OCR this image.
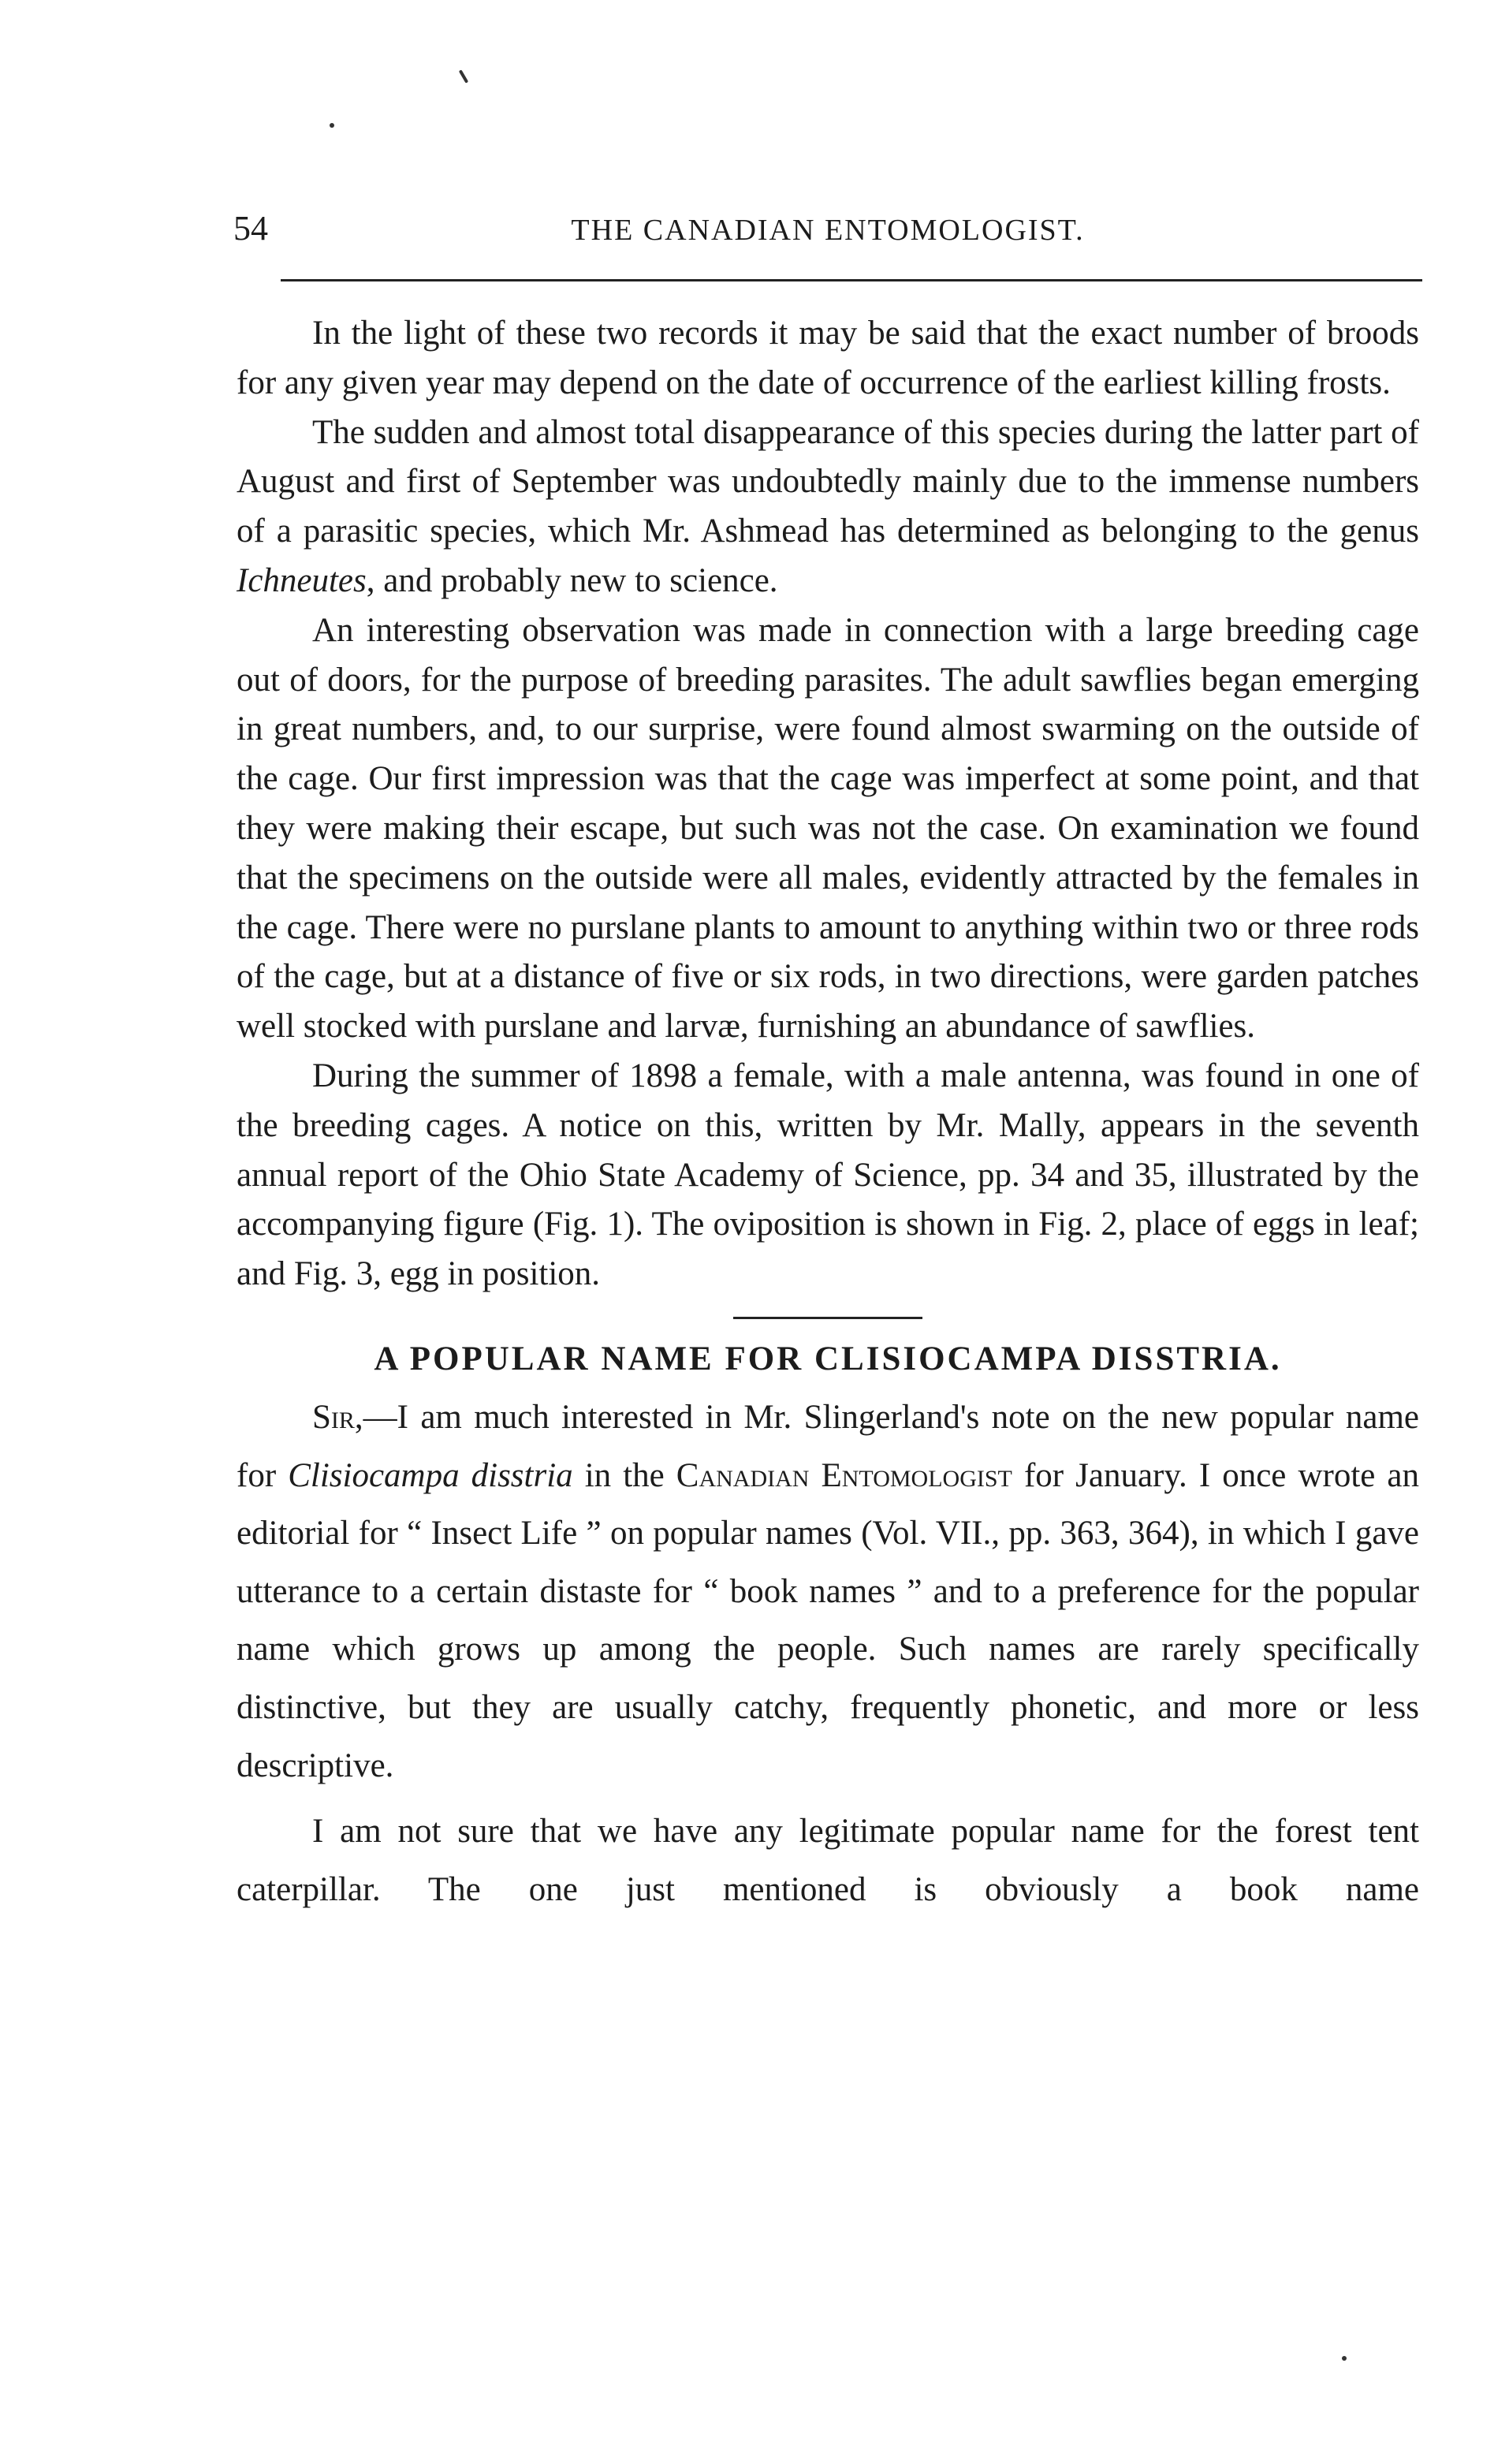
54	THE CANADIAN ENTOMOLOGIST.

In the light of these two records it may be said that the exact number of broods for any given year may depend on the date of occurrence of the earliest killing frosts.

The sudden and almost total disappearance of this species during the latter part of August and first of September was undoubtedly mainly due to the immense numbers of a parasitic species, which Mr. Ashmead has determined as belonging to the genus Ichneutes, and probably new to science.

An interesting observation was made in connection with a large breeding cage out of doors, for the purpose of breeding parasites. The adult sawflies began emerging in great numbers, and, to our surprise, were found almost swarming on the outside of the cage. Our first impression was that the cage was imperfect at some point, and that they were making their escape, but such was not the case. On examination we found that the specimens on the outside were all males, evidently attracted by the females in the cage. There were no purslane plants to amount to anything within two or three rods of the cage, but at a distance of five or six rods, in two directions, were garden patches well stocked with purslane and larvæ, furnishing an abundance of sawflies.

During the summer of 1898 a female, with a male antenna, was found in one of the breeding cages. A notice on this, written by Mr. Mally, appears in the seventh annual report of the Ohio State Academy of Science, pp. 34 and 35, illustrated by the accompanying figure (Fig. 1). The oviposition is shown in Fig. 2, place of eggs in leaf; and Fig. 3, egg in position.

A POPULAR NAME FOR CLISIOCAMPA DISSTRIA.

Sir,—I am much interested in Mr. Slingerland's note on the new popular name for Clisiocampa disstria in the Canadian Entomologist for January. I once wrote an editorial for “ Insect Life ” on popular names (Vol. VII., pp. 363, 364), in which I gave utterance to a certain distaste for “ book names ” and to a preference for the popular name which grows up among the people. Such names are rarely specifically distinctive, but they are usually catchy, frequently phonetic, and more or less descriptive.

I am not sure that we have any legitimate popular name for the forest tent caterpillar. The one just mentioned is obviously a book name
